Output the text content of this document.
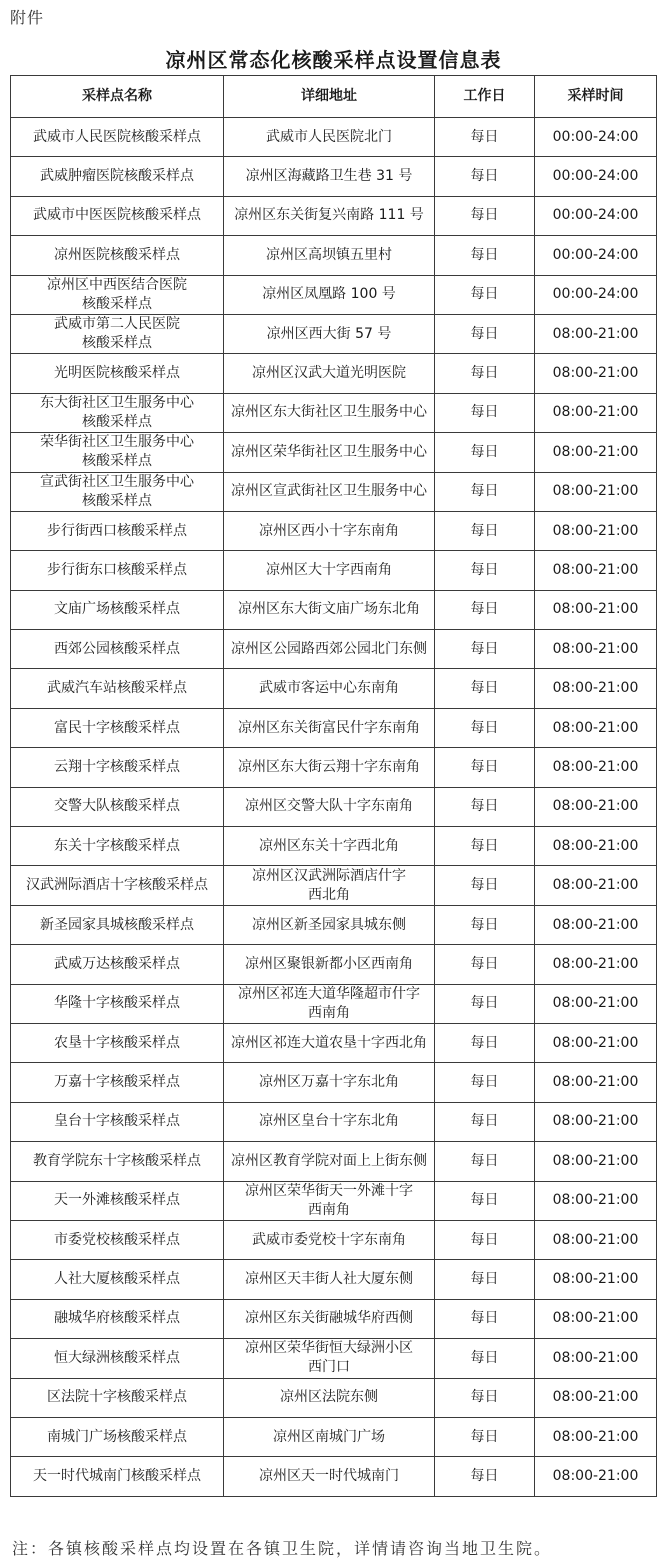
附件
凉州区常态化核酸采样点设置信息表
采样点名称	详细地址	工作日	采样时间
武威市人民医院核酸采样点	武威市人民医院北门	每日	00:00-24:00
武威肿瘤医院核酸采样点	凉州区海藏路卫生巷 31 号	每日	00:00-24:00
武威市中医医院核酸采样点	凉州区东关街复兴南路 111 号	每日	00:00-24:00
凉州医院核酸采样点	凉州区高坝镇五里村	每日	00:00-24:00
凉州区中西医结合医院
核酸采样点	凉州区凤凰路 100 号	每日	00:00-24:00
武威市第二人民医院
核酸采样点	凉州区西大街 57 号	每日	08:00-21:00
光明医院核酸采样点	凉州区汉武大道光明医院	每日	08:00-21:00
东大街社区卫生服务中心
核酸采样点	凉州区东大街社区卫生服务中心	每日	08:00-21:00
荣华街社区卫生服务中心
核酸采样点	凉州区荣华街社区卫生服务中心	每日	08:00-21:00
宣武街社区卫生服务中心
核酸采样点	凉州区宣武街社区卫生服务中心	每日	08:00-21:00
步行街西口核酸采样点	凉州区西小十字东南角	每日	08:00-21:00
步行街东口核酸采样点	凉州区大十字西南角	每日	08:00-21:00
文庙广场核酸采样点	凉州区东大街文庙广场东北角	每日	08:00-21:00
西郊公园核酸采样点	凉州区公园路西郊公园北门东侧	每日	08:00-21:00
武威汽车站核酸采样点	武威市客运中心东南角	每日	08:00-21:00
富民十字核酸采样点	凉州区东关街富民什字东南角	每日	08:00-21:00
云翔十字核酸采样点	凉州区东大街云翔十字东南角	每日	08:00-21:00
交警大队核酸采样点	凉州区交警大队十字东南角	每日	08:00-21:00
东关十字核酸采样点	凉州区东关十字西北角	每日	08:00-21:00
汉武洲际酒店十字核酸采样点	凉州区汉武洲际酒店什字
西北角	每日	08:00-21:00
新圣园家具城核酸采样点	凉州区新圣园家具城东侧	每日	08:00-21:00
武威万达核酸采样点	凉州区聚银新都小区西南角	每日	08:00-21:00
华隆十字核酸采样点	凉州区祁连大道华隆超市什字
西南角	每日	08:00-21:00
农垦十字核酸采样点	凉州区祁连大道农垦十字西北角	每日	08:00-21:00
万嘉十字核酸采样点	凉州区万嘉十字东北角	每日	08:00-21:00
皇台十字核酸采样点	凉州区皇台十字东北角	每日	08:00-21:00
教育学院东十字核酸采样点	凉州区教育学院对面上上街东侧	每日	08:00-21:00
天一外滩核酸采样点	凉州区荣华街天一外滩十字
西南角	每日	08:00-21:00
市委党校核酸采样点	武威市委党校十字东南角	每日	08:00-21:00
人社大厦核酸采样点	凉州区天丰街人社大厦东侧	每日	08:00-21:00
融城华府核酸采样点	凉州区东关街融城华府西侧	每日	08:00-21:00
恒大绿洲核酸采样点	凉州区荣华街恒大绿洲小区
西门口	每日	08:00-21:00
区法院十字核酸采样点	凉州区法院东侧	每日	08:00-21:00
南城门广场核酸采样点	凉州区南城门广场	每日	08:00-21:00
天一时代城南门核酸采样点	凉州区天一时代城南门	每日	08:00-21:00
注：各镇核酸采样点均设置在各镇卫生院，详情请咨询当地卫生院。
